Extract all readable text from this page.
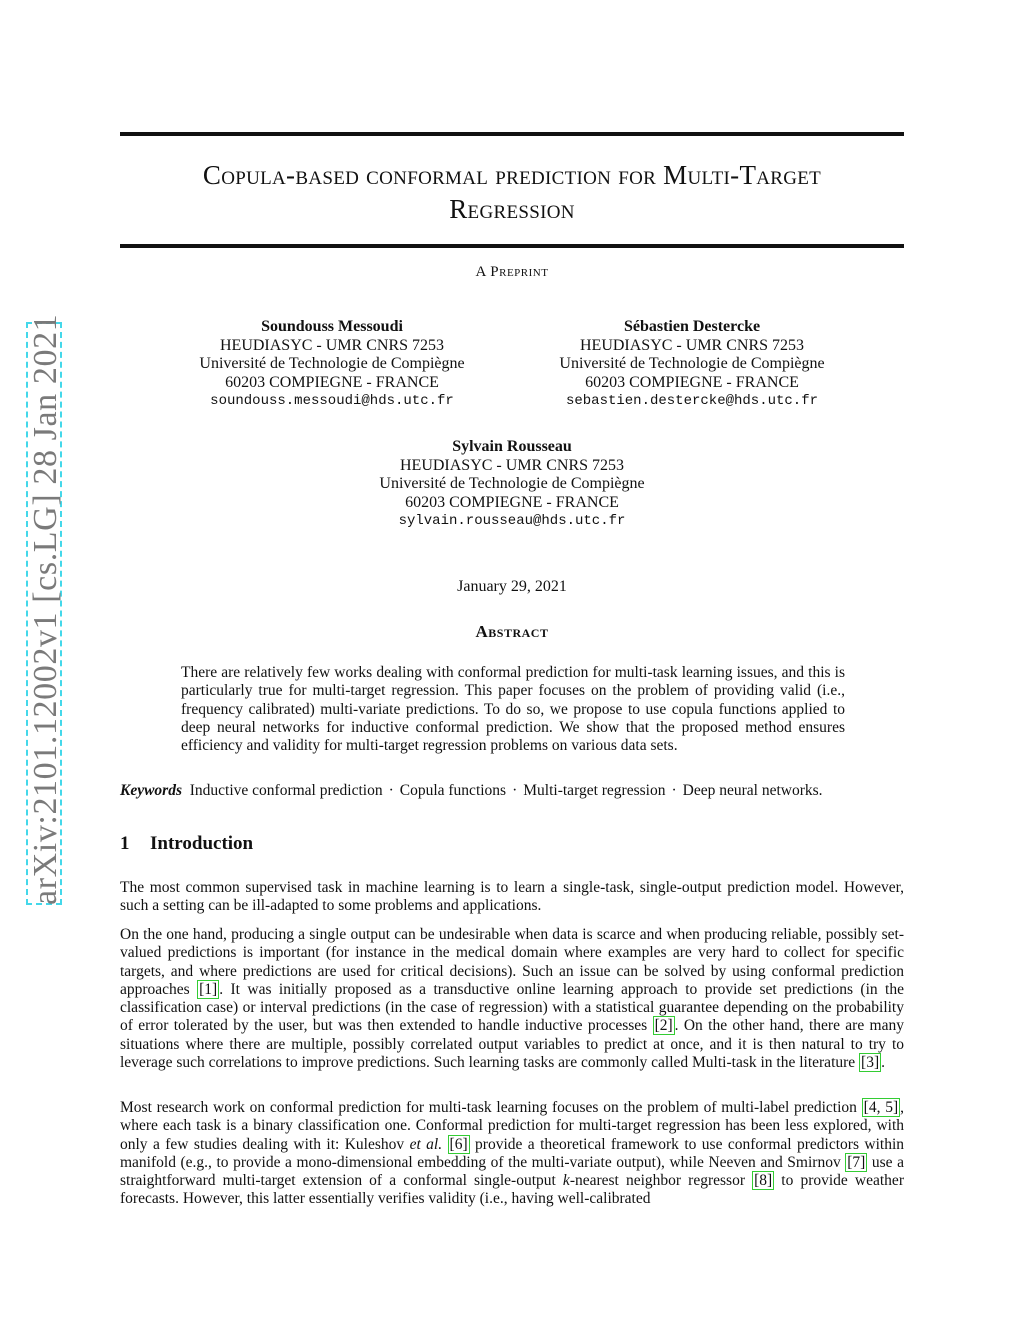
arXiv:2101.12002v1 [cs.LG] 28 Jan 2021
Copula-based conformal prediction for Multi-Target
Regression
A Preprint
Soundouss Messoudi
HEUDIASYC - UMR CNRS 7253
Université de Technologie de Compiègne
60203 COMPIEGNE - FRANCE
soundouss.messoudi@hds.utc.fr
Sébastien Destercke
HEUDIASYC - UMR CNRS 7253
Université de Technologie de Compiègne
60203 COMPIEGNE - FRANCE
sebastien.destercke@hds.utc.fr
Sylvain Rousseau
HEUDIASYC - UMR CNRS 7253
Université de Technologie de Compiègne
60203 COMPIEGNE - FRANCE
sylvain.rousseau@hds.utc.fr
January 29, 2021
Abstract
There are relatively few works dealing with conformal prediction for multi-task learning issues, and this is particularly true for multi-target regression. This paper focuses on the problem of providing valid (i.e., frequency calibrated) multi-variate predictions. To do so, we propose to use copula functions applied to deep neural networks for inductive conformal prediction. We show that the proposed method ensures efficiency and validity for multi-target regression problems on various data sets.
Keywords Inductive conformal prediction · Copula functions · Multi-target regression · Deep neural networks.
1 Introduction
The most common supervised task in machine learning is to learn a single-task, single-output prediction model. However, such a setting can be ill-adapted to some problems and applications.
On the one hand, producing a single output can be undesirable when data is scarce and when producing reliable, possibly set-valued predictions is important (for instance in the medical domain where examples are very hard to collect for specific targets, and where predictions are used for critical decisions). Such an issue can be solved by using conformal prediction approaches [1] . It was initially proposed as a transductive online learning approach to provide set predictions (in the classification case) or interval predictions (in the case of regression) with a statistical guarantee depending on the probability of error tolerated by the user, but was then extended to handle inductive processes [2] . On the other hand, there are many situations where there are multiple, possibly correlated output variables to predict at once, and it is then natural to try to leverage such correlations to improve predictions. Such learning tasks are commonly called Multi-task in the literature [3] .
Most research work on conformal prediction for multi-task learning focuses on the problem of multi-label prediction [4, 5] , where each task is a binary classification one. Conformal prediction for multi-target regression has been less explored, with only a few studies dealing with it: Kuleshov et al. [6] provide a theoretical framework to use conformal predictors within manifold (e.g., to provide a mono-dimensional embedding of the multi-variate output), while Neeven and Smirnov [7] use a straightforward multi-target extension of a conformal single-output k-nearest neighbor regressor [8] to provide weather forecasts. However, this latter essentially verifies validity (i.e., having well-calibrated
